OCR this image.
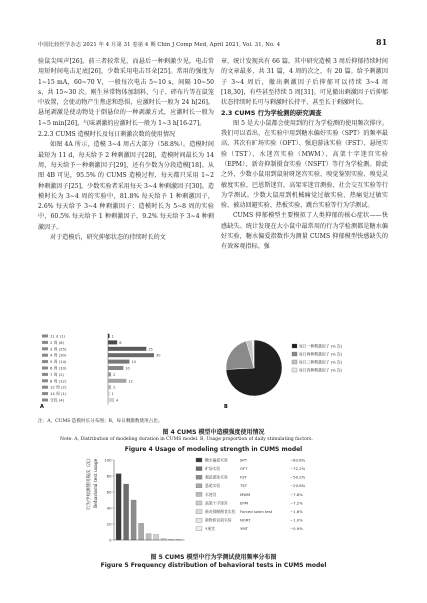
中国比较医学杂志 2021 年 4 月第 31 卷第 4 期 Chin J Comp Med, April 2021, Vol. 31, No. 4	81

验鼠尖叫声[26]。前三者较常见，而悬后一种剩激少见。电击常用短时间电击足底[26]，少数采用电击耳朵[25]。常用的强度为 1~15 mA，60~70 V，一般每次电击 5~10 s，间隔 10~50 s，共 15~30 次。刚生异常物体加制料、勺子、碎布片等在鼠笼中放置，会使动物产生焦虑和恐惧，应激时长一般为 24 h[26]。悬尾剥激是使动物处于倒悬位的一种剥激方式，应激时长一般为 1~5 min[26]。气味剥激的应激时长一般为 1~3 h[16-27]。

2.2.3 CUMS 造模时长及每日剩激次数的使用情况

如图 4A 所示，造模 3~4 周占大部分（58.8%）。造模时间最短为 11 d，每天给予 2 种剩激因子[28]，造模时间最长为 14 周，每天给予一种剩激因子[29]，还有少数为分段造模[18]。从图 4B 可见，95.5% 的 CUMS 造模过程，每天都只采用 1~2 种剩激因子[25]，少数实验者采用每天 3~4 种剩激因子[30]。造模时长为 3~4 周的实验中，81.8% 每天给予 1 种剩激因子，2.6% 每天给予 3~4 种剩激因子；造模时长为 5~8 周的实验中，60.5% 每天给予 1 种剩激因子，9.2% 每天给予 3~4 种剩激因子。

对于造模后，研究抑郁状态的持续时长的文

章，统计发现共有 66 篇。其中研究造模 3 周后抑郁持续时间的文章最多，共 31 篇，4 周的次之，有 20 篇。给予剩激因子 3~4 周后，撤出剩激因子后抑郁可以持续 3~4 周[18,30]，有些甚至持续 5 周[31]。可见撤出剩激因子后抑郁状态持续时长可与剩激时长持平，甚至长于剩激时长。

2.3 CUMS 行为学检测的研究调查

图 5 是大小鼠都会使用到的行为学检测的使用频次排序。我们可以看出，在实验中用到糖水偏好实验（SPT）的频率最高，其次有旷场实验（OFT）、强迫游泳实验（FST）、悬尾实验（TST）、水迷宫实验（MWM）、高架十字迷宫实验（EPM）、新奇抑制摄食实验（NSFT）等行为学检测。除此之外，少数小鼠用到鼠射呀迷宫实验、嗅觉鉴别实验、嗅觉灵敏度实验、巴恩斯迷宫、高架零迷宫测验、社会交互实验等行为学测试。少数大鼠用到机械痛觉过敏实验、热痛觉过敏实验、被动回避实验、热板实验、跳台实验等行为学测试。

CUMS 抑郁模型主要模拟了人类抑郁的核心症状——快感缺失。统计发现在大小鼠中最常用的行为学检测都是糖水偏好实验，糖水偏爱指数作为测量 CUMS 抑郁模型快感缺失的有效客观指标。强

1
6
25
30
14
10
2
12
2
1
4
A
11 d (1)
2 周 (6)
3 周 (25)
4 周 (30)
5 周 (14)
6 周 (10)
7 周 (2)
8 周 (12)
12 周 (2)
14 周 (1)
分段 (4)
B
每日一种剩激因子 (% 次)
每日两种剩激因子 (% 次)
每日三种剩激因子 (% 次)
每日四种剩激因子 (% 次)
注：A，CUMS 造模时长分布图；B，每日剩激数使用占比。
图 4 CUMS 模型中造模强度使用情况
Note. A, Distribution of modeling duration in CUMS model. B, Usage proportion of daily stimulating factors.
Figure 4 Usage of modeling strength in CUMS model
行为学检测使用频次（次） Behavioral test usage
0
20
40
60
80
100	糖水偏爱实验	SPT	~83.8%
旷场实验	OFT	~72.2%
强迫游泳实验	FST	~50.2%
悬尾实验	TST	~20.8%
水迷宫	MWM	~7.8%
高架十字迷宫	EPM	~7.2%
新奇抑制摄食实验 Forced swim test	~1.6%
新物体识别实验 NORT	~1.0%
Y迷宫	YMT	~0.9%
图 5 CUMS 模型中行为学测试使用频率分布图
Figure 5 Frequency distribution of behavioral tests in CUMS model
